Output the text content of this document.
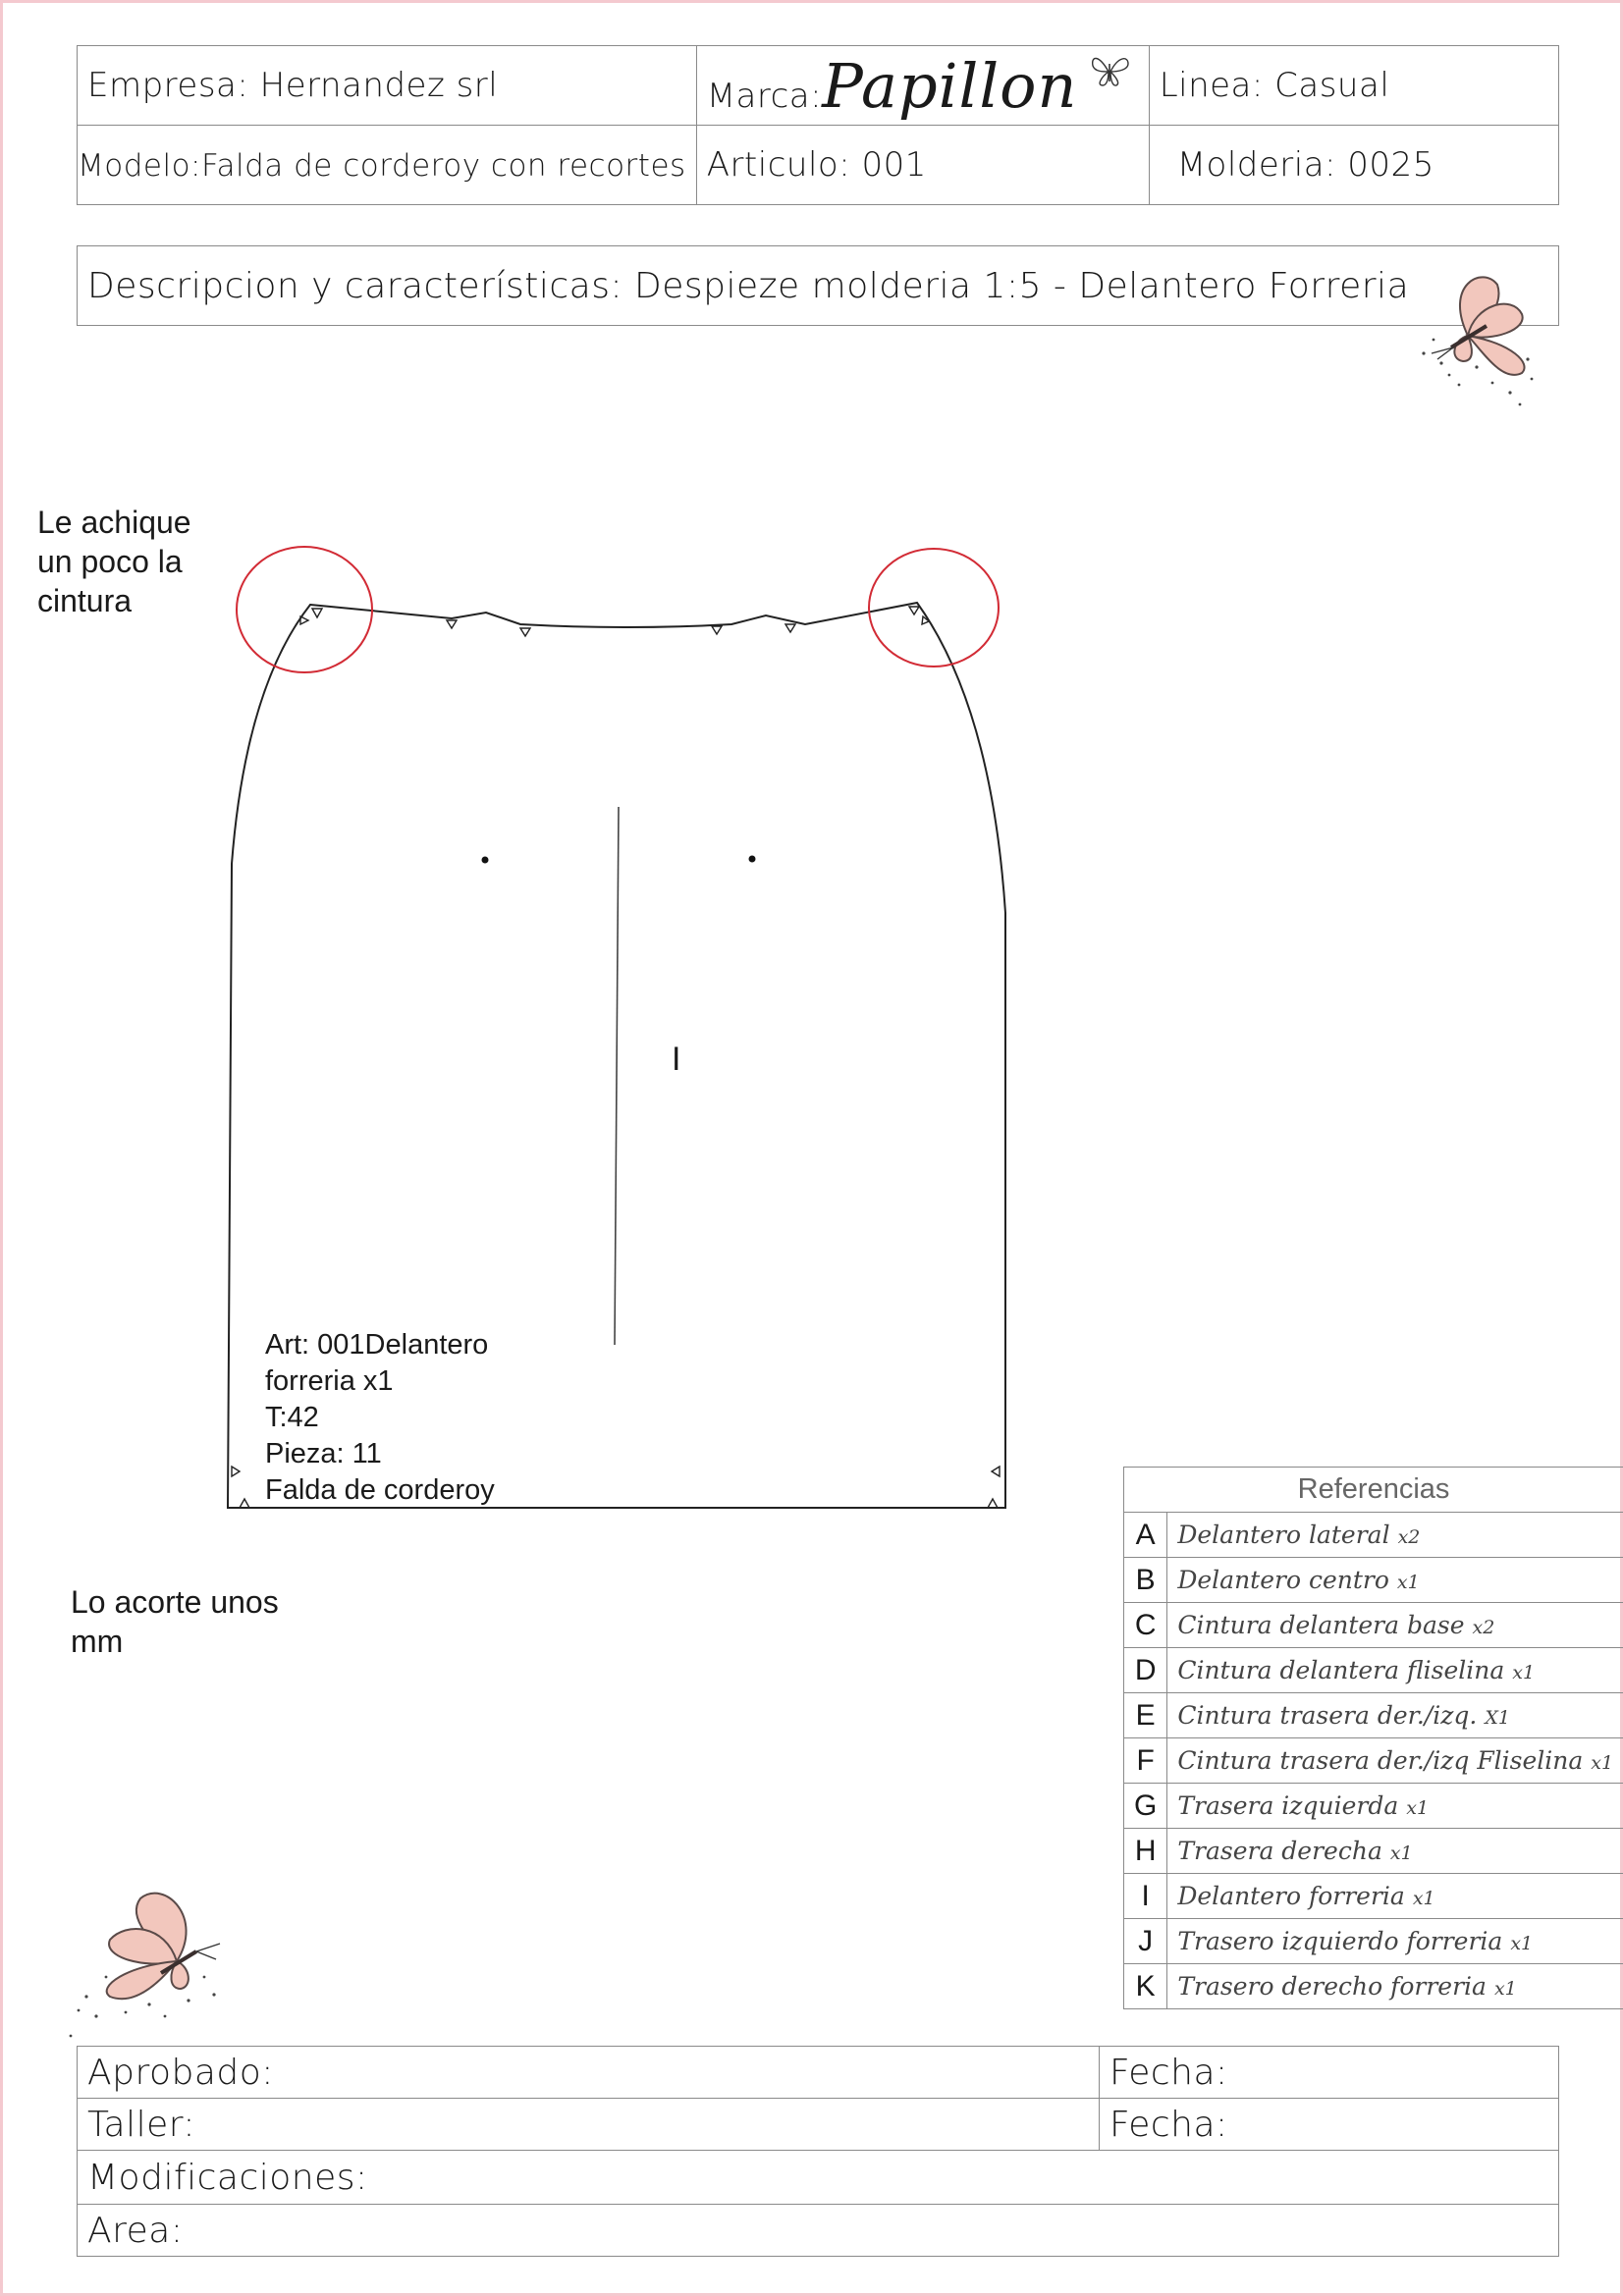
Empresa: Hernandez srl	Marca:Papillon	Linea: Casual
Modelo:Falda de corderoy con recortes	Articulo: 001	Molderia: 0025
Descripcion y características: Despieze molderia 1:5 - Delantero Forreria
Le achique
un poco la
cintura
Lo acorte unos
mm
I
Art: 001Delantero
forreria x1
T:42
Pieza: 11
Falda de corderoy	Referencias	
A	Delantero lateral x2
B	Delantero centro x1
C	Cintura delantera base x2
D	Cintura delantera fliselina x1
E	Cintura trasera der./izq. X1
F	Cintura trasera der./izq Fliselina x1
G	Trasera izquierda x1
H	Trasera derecha x1
I	Delantero forreria x1
J	Trasero izquierdo forreria x1
K	Trasero derecho forreria x1
Aprobado:	Fecha:
Taller:	Fecha:
Modificaciones:	
Area:	
